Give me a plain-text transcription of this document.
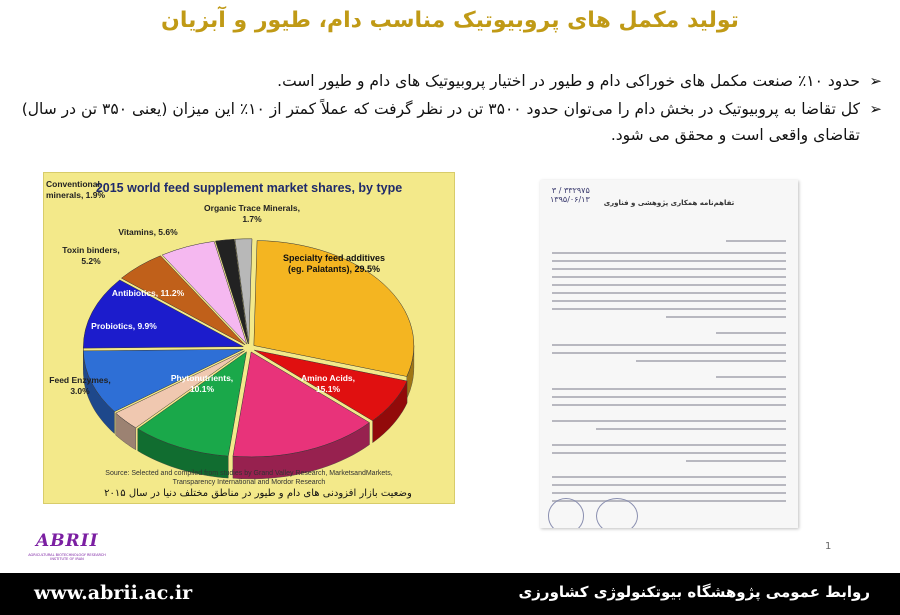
تولید مکمل های پروبیوتیک مناسب دام، طیور و آبزیان
➢
حدود ۱۰٪ صنعت مکمل های خوراکی دام و طیور در اختیار پروبیوتیک های دام و طیور است.
➢
کل تقاضا به پروبیوتیک در بخش دام را می‌توان حدود ۳۵۰۰ تن در نظر گرفت که عملاً کمتر از ۱۰٪ این میزان (یعنی ۳۵۰ تن در سال) تقاضای واقعی است و محقق می شود.
2015 world feed supplement market shares, by type
Conventional minerals, 1.9%
Organic Trace Minerals, 1.7%
Vitamins, 5.6%
Toxin binders, 5.2%
Antibiotics, 11.2%
Probiotics, 9.9%
Feed Enzymes, 3.0%
Phytonutrients, 10.1%
Amino Acids, 15.1%
Specialty feed additives (eg. Palatants), 29.5%
Source: Selected and compiled from studies by Grand Valley Research, MarketsandMarkets, Transparency International and Mordor Research
وضعیت بازار افزودنی های دام و طیور در مناطق مختلف دنیا در سال ۲۰۱۵
۳۳۲۹۷۵ / ۳
۱۳۹۵/۰۶/۱۳	تفاهم‌نامه همکاری پژوهشی و فناوری
1
ABRII
AGRICULTURAL BIOTECHNOLOGY RESEARCH INSTITUTE OF IRAN
www.abrii.ac.ir	روابط عمومی پژوهشگاه بیوتکنولوژی کشاورزی
